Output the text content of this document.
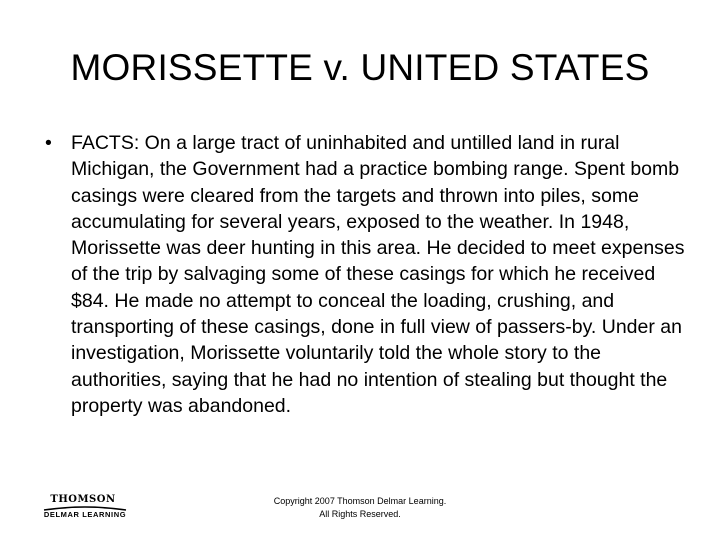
MORISSETTE v. UNITED STATES
• FACTS: On a large tract of uninhabited and untilled land in rural Michigan, the Government had a practice bombing range. Spent bomb casings were cleared from the targets and thrown into piles, some accumulating for several years, exposed to the weather. In 1948, Morissette was deer hunting in this area. He decided to meet expenses of the trip by salvaging some of these casings for which he received $84. He made no attempt to conceal the loading, crushing, and transporting of these casings, done in full view of passers-by. Under an investigation, Morissette voluntarily told the whole story to the authorities, saying that he had no intention of stealing but thought the property was abandoned.
THOMSON
DELMAR LEARNING
Copyright 2007 Thomson Delmar Learning.
All Rights Reserved.
